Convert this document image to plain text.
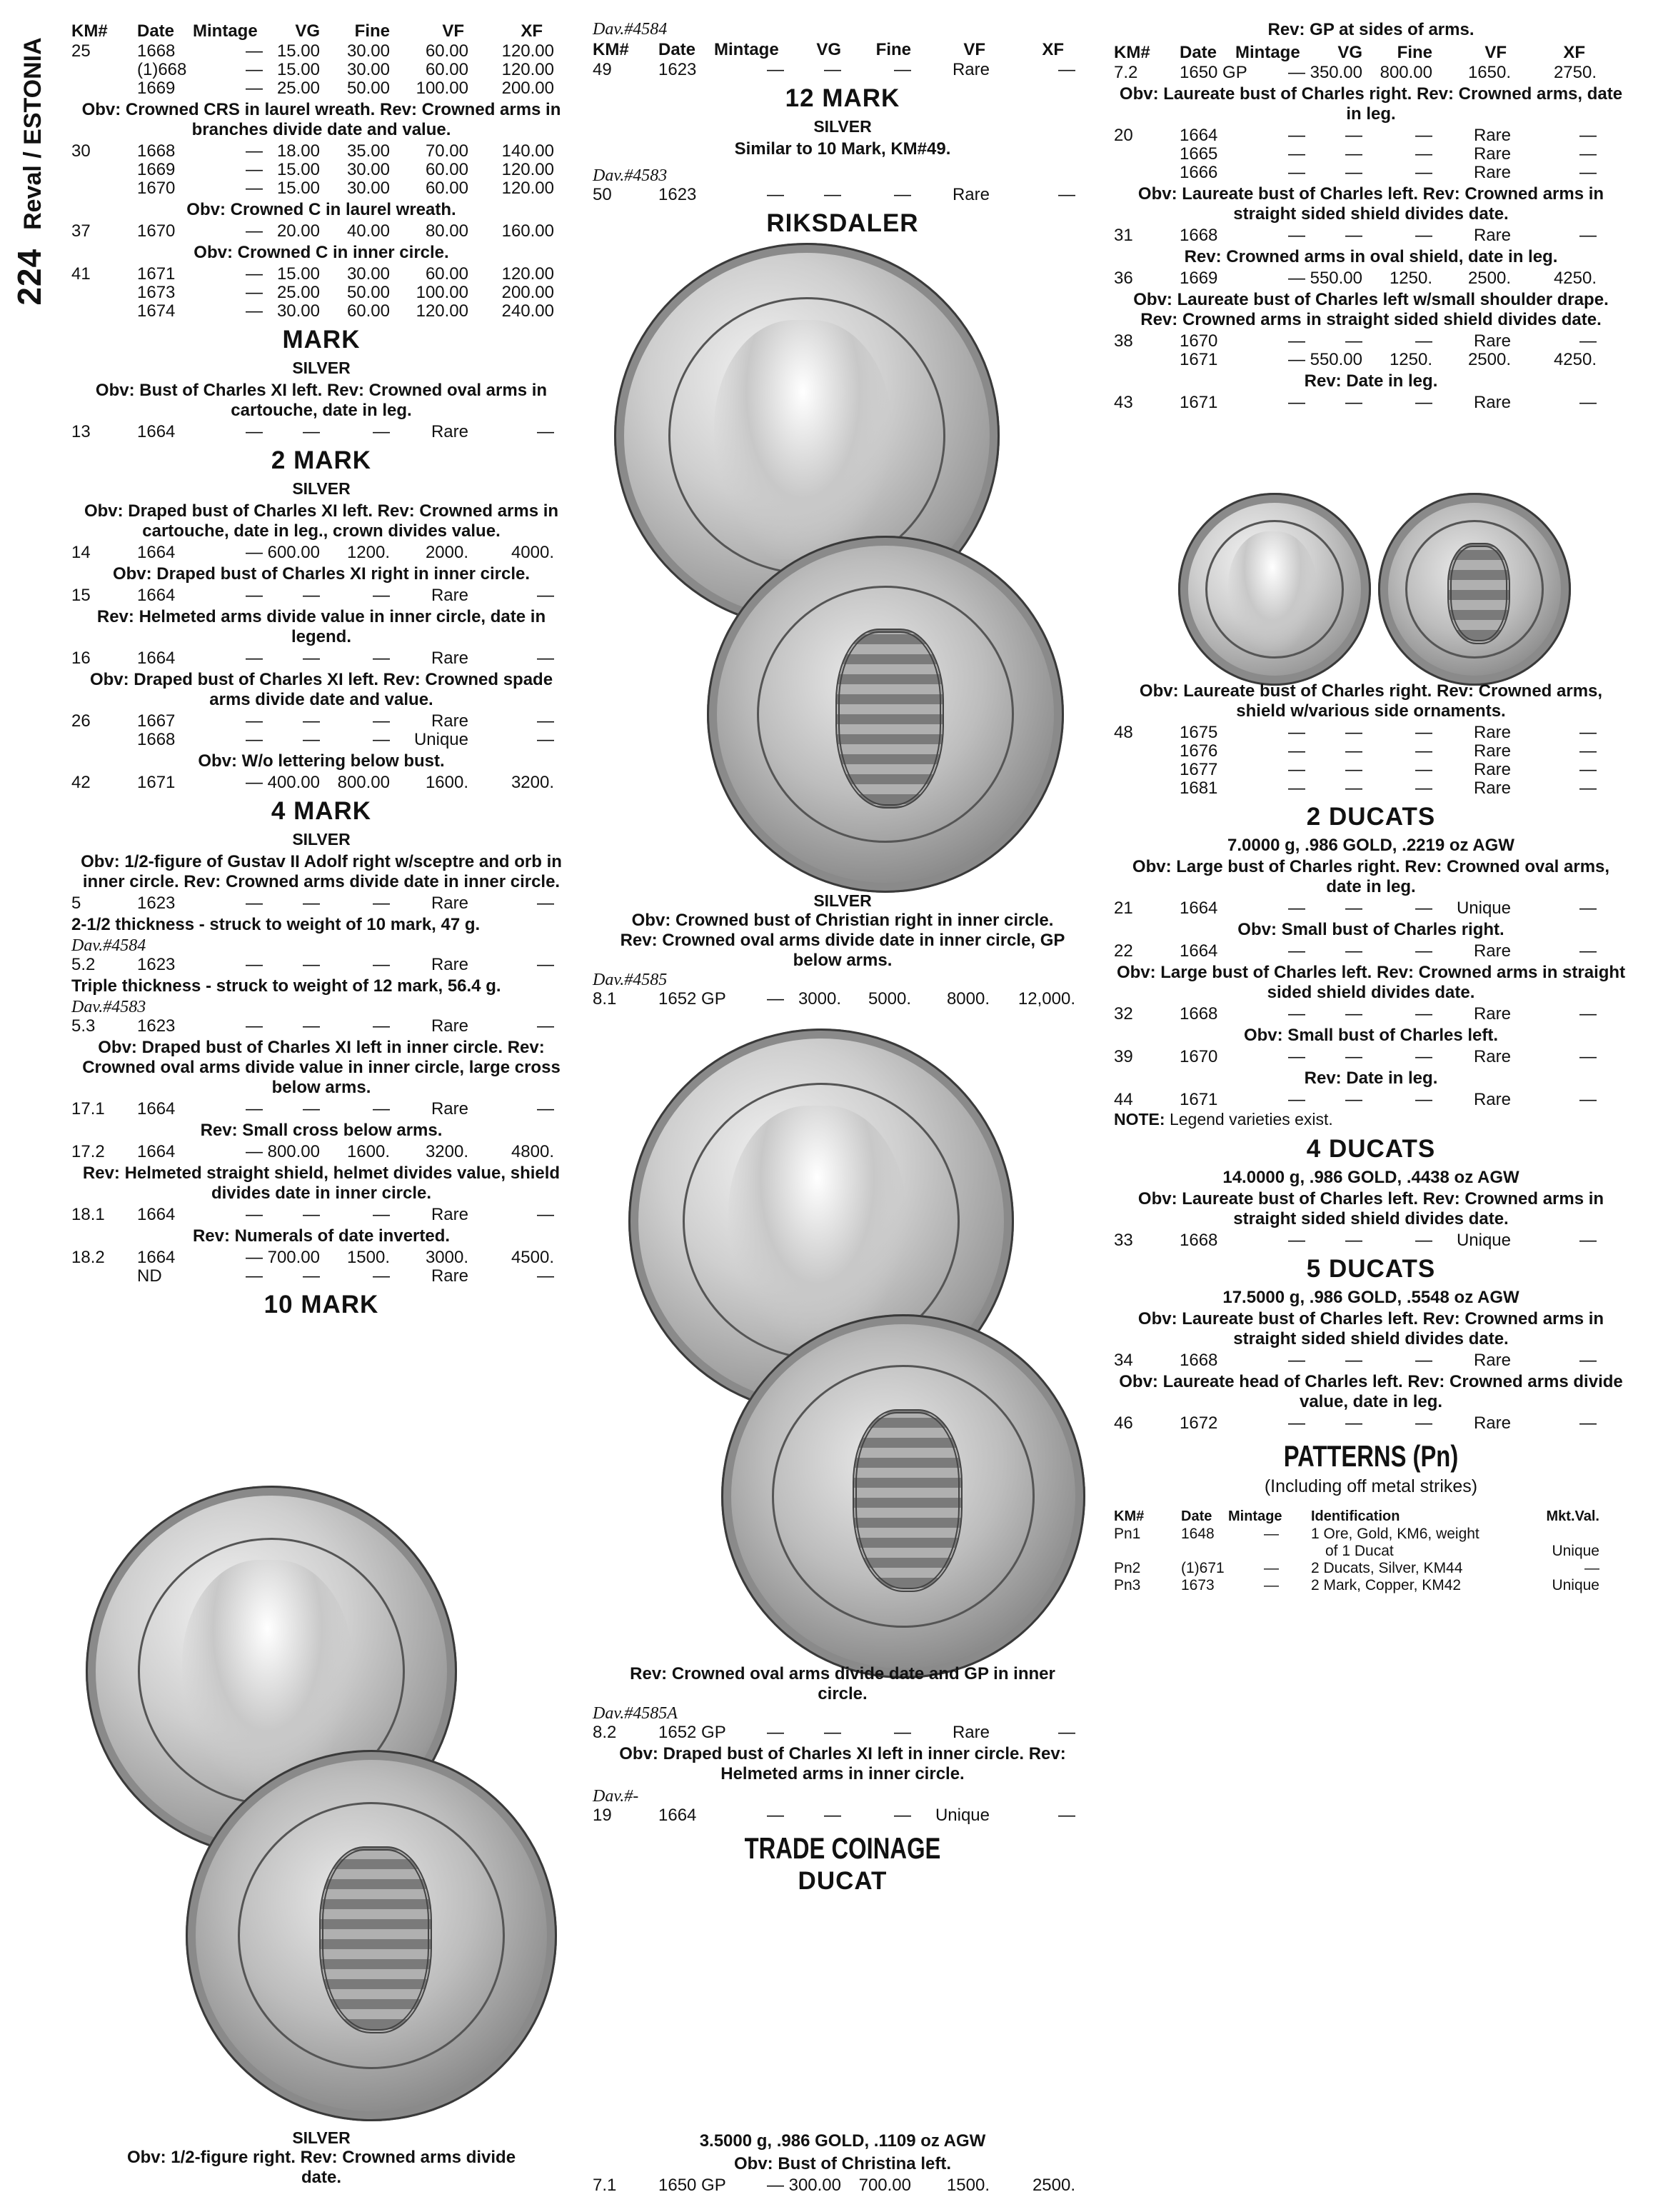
224Reval / ESTONIA
KM# Date Mintage	VG	Fine	VF	XF
25	1668	— 15.00	30.00	60.00	120.00
(1)668	— 15.00	30.00	60.00	120.00
1669	— 25.00	50.00	100.00	200.00
Obv: Crowned CRS in laurel wreath. Rev: Crowned arms in branches divide date and value.
30	1668	— 18.00	35.00	70.00	140.00
1669	— 15.00	30.00	60.00	120.00
1670	— 15.00	30.00	60.00	120.00
Obv: Crowned C in laurel wreath.
37	1670	— 20.00	40.00	80.00	160.00
Obv: Crowned C in inner circle.
41	1671	— 15.00	30.00	60.00	120.00
1673	— 25.00	50.00	100.00	200.00
1674	— 30.00	60.00	120.00	240.00
MARK
SILVER
Obv: Bust of Charles XI left. Rev: Crowned oval arms in cartouche, date in leg.
13	1664	—	—	—	Rare	—
2 MARK
SILVER
Obv: Draped bust of Charles XI left. Rev: Crowned arms in cartouche, date in leg., crown divides value.
14	1664	— 600.00	1200.	2000.	4000.
Obv: Draped bust of Charles XI right in inner circle.
15	1664	—	—	—	Rare	—
Rev: Helmeted arms divide value in inner circle, date in legend.
16	1664	—	—	—	Rare	—
Obv: Draped bust of Charles XI left. Rev: Crowned spade arms divide date and value.
26	1667	—	—	—	Rare	—
1668	—	—	—	Unique	—
Obv: W/o lettering below bust.
42	1671	— 400.00	800.00	1600.	3200.
4 MARK
SILVER
Obv: 1/2-figure of Gustav II Adolf right w/sceptre and orb in inner circle. Rev: Crowned arms divide date in inner circle.
5	1623	—	—	—	Rare	—
2-1/2 thickness - struck to weight of 10 mark, 47 g.
Dav.#4584
5.2 1623	—	—	—	Rare	—
Triple thickness - struck to weight of 12 mark, 56.4 g.
Dav.#4583
5.3 1623	—	—	—	Rare	—
Obv: Draped bust of Charles XI left in inner circle. Rev: Crowned oval arms divide value in inner circle, large cross below arms.
17.1 1664	—	—	—	Rare	—
Rev: Small cross below arms.
17.2 1664	— 800.00	1600.	3200.	4800.
Rev: Helmeted straight shield, helmet divides value, shield divides date in inner circle.
18.1 1664	—	—	—	Rare	—
Rev: Numerals of date inverted.
18.2 1664	— 700.00	1500.	3000.	4500.
ND	—	—	—	Rare	—
10 MARK
SILVER
Obv: 1/2-figure right. Rev: Crowned arms divide date.
Dav.#4584
KM# Date Mintage	VG	Fine	VF	XF
49	1623	—	—	—	Rare	—
12 MARK
SILVER
Similar to 10 Mark, KM#49.
Dav.#4583
50	1623	—	—	—	Rare	—
RIKSDALER
SILVER
Obv: Crowned bust of Christian right in inner circle. Rev: Crowned oval arms divide date in inner circle, GP below arms.
Dav.#4585
8.1 1652 GP	— 3000.	5000.	8000.	12,000.
Rev: Crowned oval arms divide date and GP in inner circle.
Dav.#4585A
8.2 1652 GP	—	—	—	Rare	—
Obv: Draped bust of Charles XI left in inner circle. Rev: Helmeted arms in inner circle.
Dav.#-
19	1664	—	—	—	Unique	—
TRADE COINAGE
DUCAT
3.5000 g, .986 GOLD, .1109 oz AGW
Obv: Bust of Christina left.
7.1 1650 GP	— 300.00	700.00	1500.	2500.
Rev: GP at sides of arms.
KM# Date Mintage	VG	Fine	VF	XF
7.2 1650 GP	— 350.00	800.00	1650.	2750.
Obv: Laureate bust of Charles right. Rev: Crowned arms, date in leg.
20	1664	—	—	—	Rare	—
1665	—	—	—	Rare	—
1666	—	—	—	Rare	—
Obv: Laureate bust of Charles left. Rev: Crowned arms in straight sided shield divides date.
31	1668	—	—	—	Rare	—
Rev: Crowned arms in oval shield, date in leg.
36	1669	— 550.00	1250.	2500.	4250.
Obv: Laureate bust of Charles left w/small shoulder drape. Rev: Crowned arms in straight sided shield divides date.
38	1670	—	—	—	Rare	—
1671	— 550.00	1250.	2500.	4250.
Rev: Date in leg.
43	1671	—	—	—	Rare	—
Obv: Laureate bust of Charles right. Rev: Crowned arms, shield w/various side ornaments.
48	1675	—	—	—	Rare	—
1676	—	—	—	Rare	—
1677	—	—	—	Rare	—
1681	—	—	—	Rare	—
2 DUCATS
7.0000 g, .986 GOLD, .2219 oz AGW
Obv: Large bust of Charles right. Rev: Crowned oval arms, date in leg.
21	1664	—	—	—	Unique	—
Obv: Small bust of Charles right.
22	1664	—	—	—	Rare	—
Obv: Large bust of Charles left. Rev: Crowned arms in straight sided shield divides date.
32	1668	—	—	—	Rare	—
Obv: Small bust of Charles left.
39	1670	—	—	—	Rare	—
Rev: Date in leg.
44	1671	—	—	—	Rare	—
NOTE: Legend varieties exist.
4 DUCATS
14.0000 g, .986 GOLD, .4438 oz AGW
Obv: Laureate bust of Charles left. Rev: Crowned arms in straight sided shield divides date.
33	1668	—	—	—	Unique	—
5 DUCATS
17.5000 g, .986 GOLD, .5548 oz AGW
Obv: Laureate bust of Charles left. Rev: Crowned arms in straight sided shield divides date.
34	1668	—	—	—	Rare	—
Obv: Laureate head of Charles left. Rev: Crowned arms divide value, date in leg.
46	1672	—	—	—	Rare	—
PATTERNS (Pn)
(Including off metal strikes)
KM#	Date Mintage Identification	Mkt.Val.
Pn1	1648	— 1 Ore, Gold, KM6, weight
of 1 Ducat	Unique
Pn2	(1)671	— 2 Ducats, Silver, KM44	—
Pn3	1673	— 2 Mark, Copper, KM42	Unique
